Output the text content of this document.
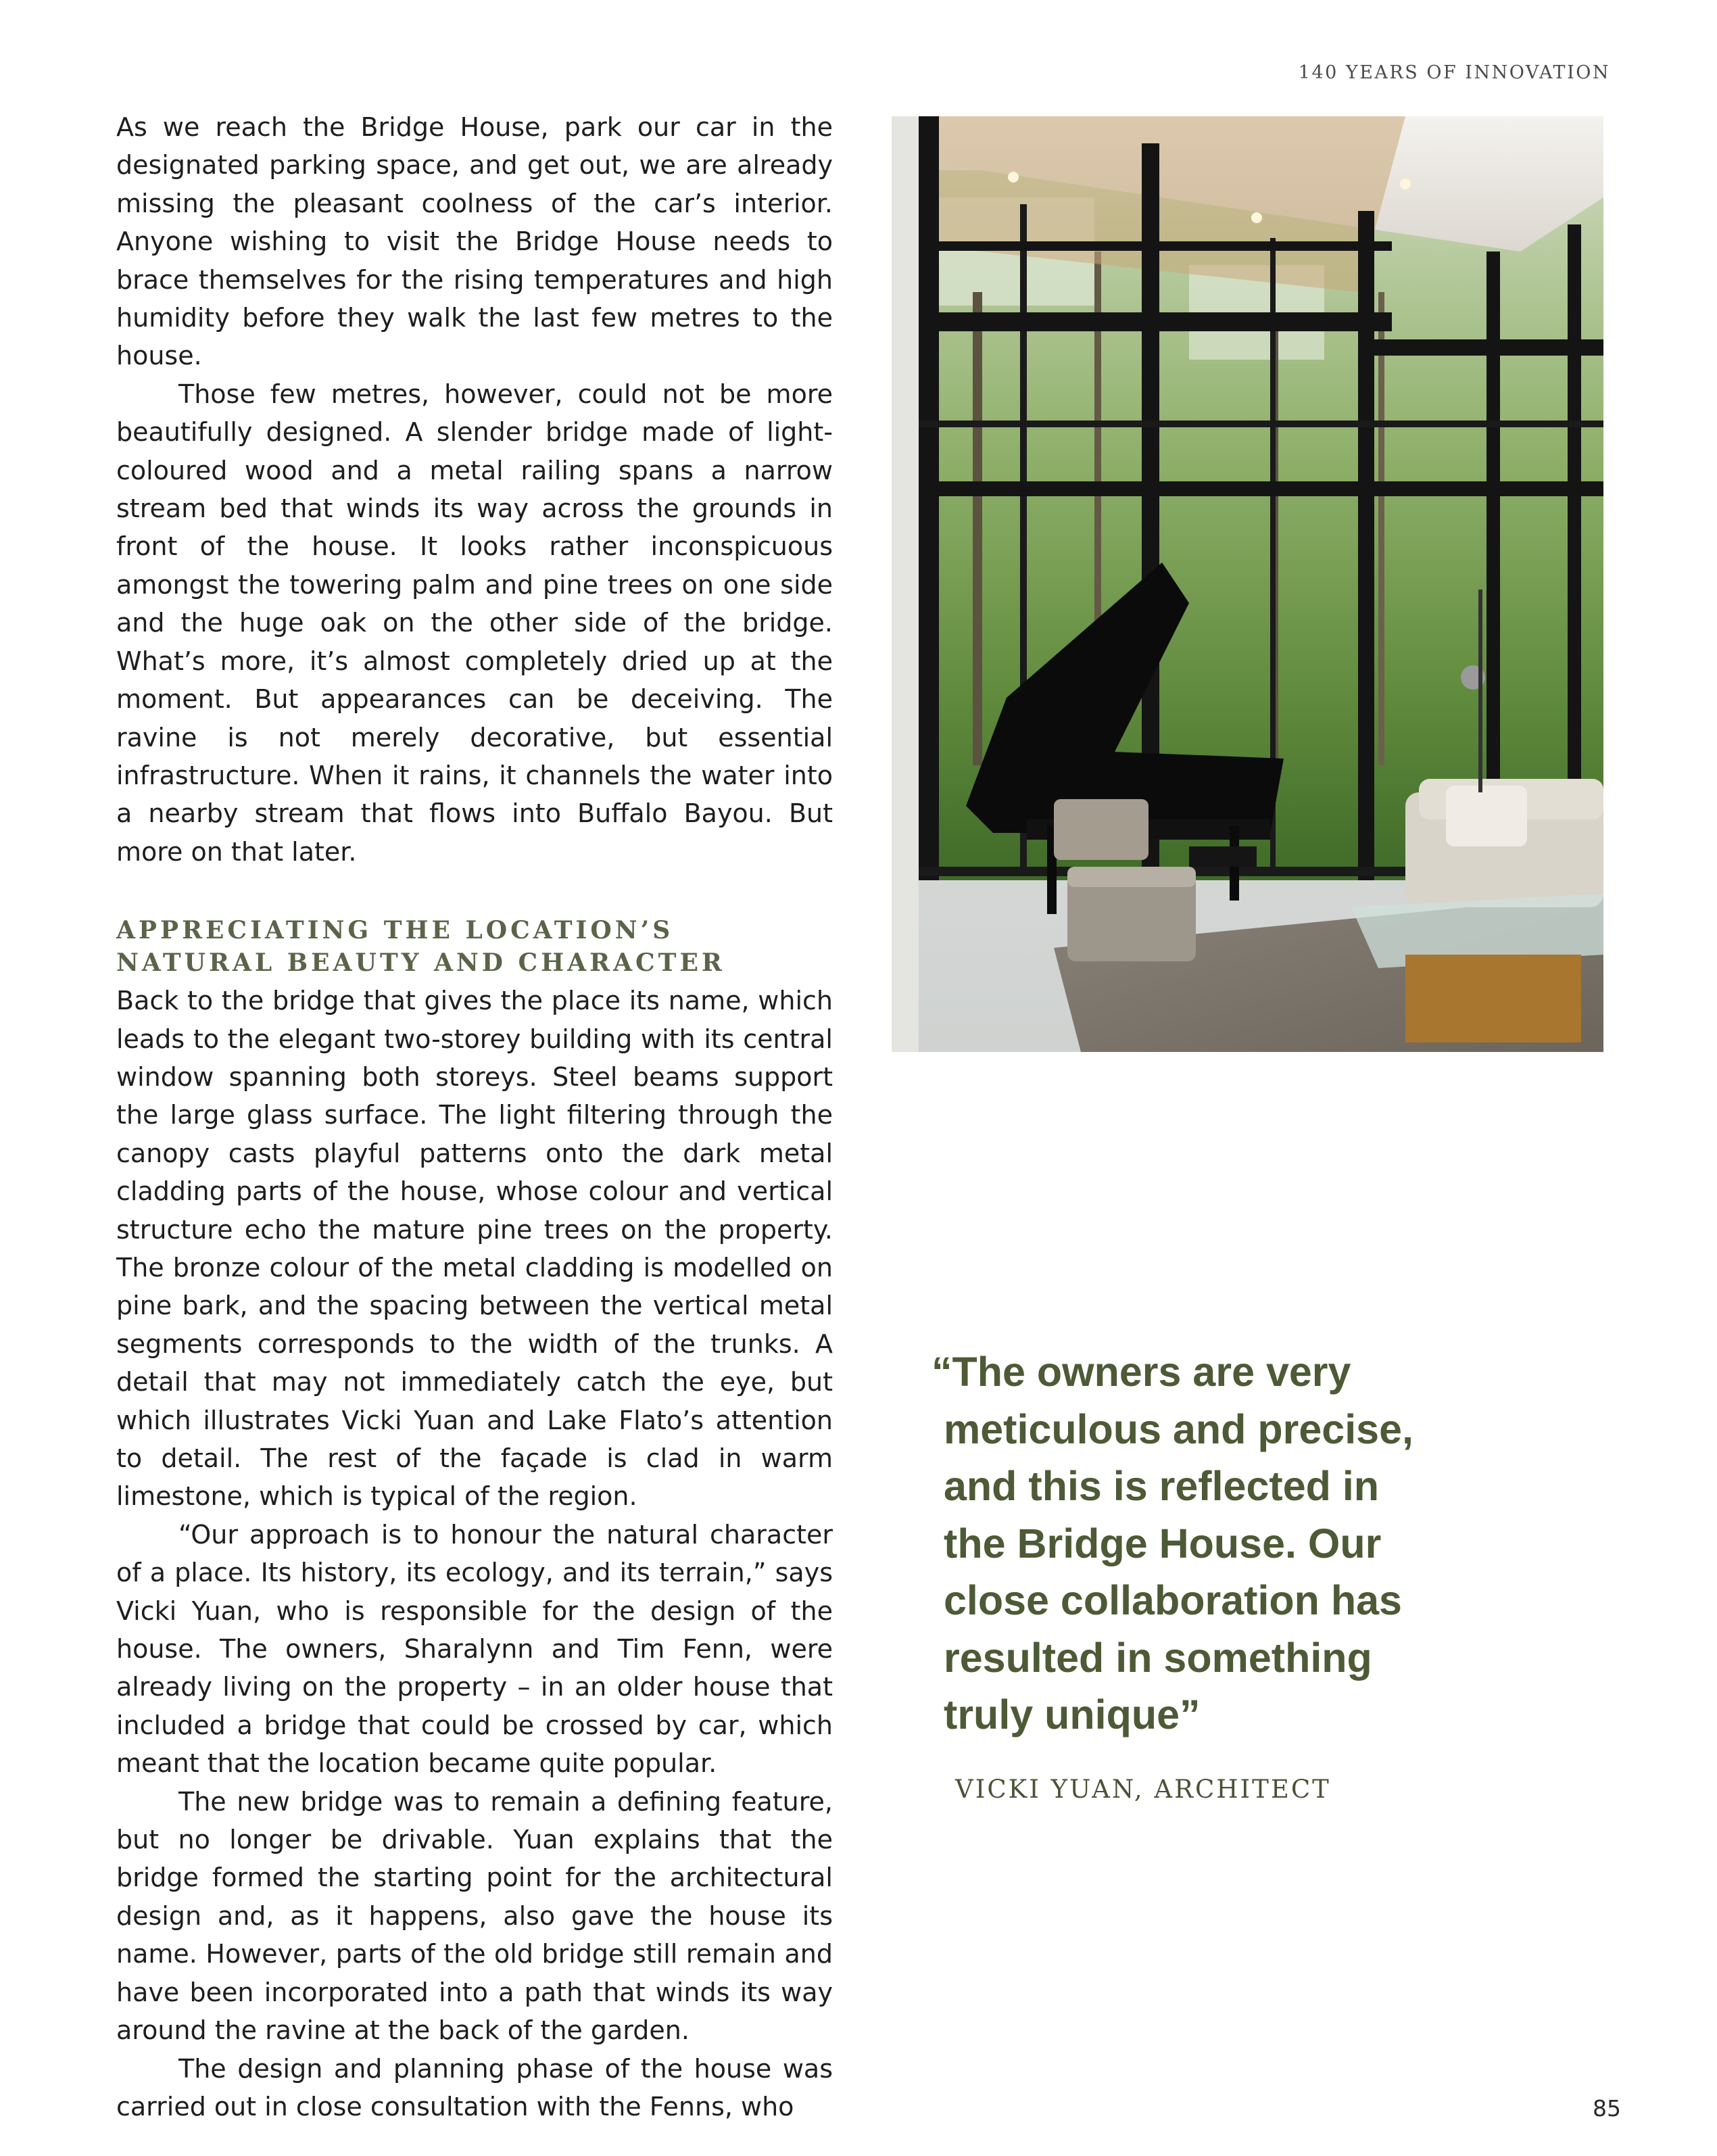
140 YEARS OF INNOVATION

As we reach the Bridge House, park our car in the designated parking space, and get out, we are already missing the pleasant coolness of the car’s interior. Anyone wishing to visit the Bridge House needs to brace themselves for the rising temperatures and high humidity before they walk the last few metres to the house.

Those few metres, however, could not be more beautifully designed. A slender bridge made of light-coloured wood and a metal railing spans a narrow stream bed that winds its way across the grounds in front of the house. It looks rather inconspicuous amongst the towering palm and pine trees on one side and the huge oak on the other side of the bridge. What’s more, it’s almost completely dried up at the moment. But appearances can be deceiving. The ravine is not merely decorative, but essential infrastructure. When it rains, it channels the water into a nearby stream that flows into Buffalo Bayou. But more on that later.

APPRECIATING THE LOCATION’S NATURAL BEAUTY AND CHARACTER

Back to the bridge that gives the place its name, which leads to the elegant two-storey building with its central window spanning both storeys. Steel beams support the large glass surface. The light filtering through the canopy casts playful patterns onto the dark metal cladding parts of the house, whose colour and vertical structure echo the mature pine trees on the property. The bronze colour of the metal cladding is modelled on pine bark, and the spacing between the vertical metal segments corresponds to the width of the trunks. A detail that may not immediately catch the eye, but which illustrates Vicki Yuan and Lake Flato’s attention to detail. The rest of the façade is clad in warm limestone, which is typical of the region.

“Our approach is to honour the natural character of a place. Its history, its ecology, and its terrain,” says Vicki Yuan, who is responsible for the design of the house. The owners, Sharalynn and Tim Fenn, were already living on the property – in an older house that included a bridge that could be crossed by car, which meant that the location became quite popular.

The new bridge was to remain a defining feature, but no longer be drivable. Yuan explains that the bridge formed the starting point for the architectural design and, as it happens, also gave the house its name. However, parts of the old bridge still remain and have been incorporated into a path that winds its way around the ravine at the back of the garden.

The design and planning phase of the house was carried out in close consultation with the Fenns, who

“The owners are very
meticulous and precise,
and this is reflected in
the Bridge House. Our
close collaboration has
resulted in something
truly unique”
VICKI YUAN, ARCHITECT
85
